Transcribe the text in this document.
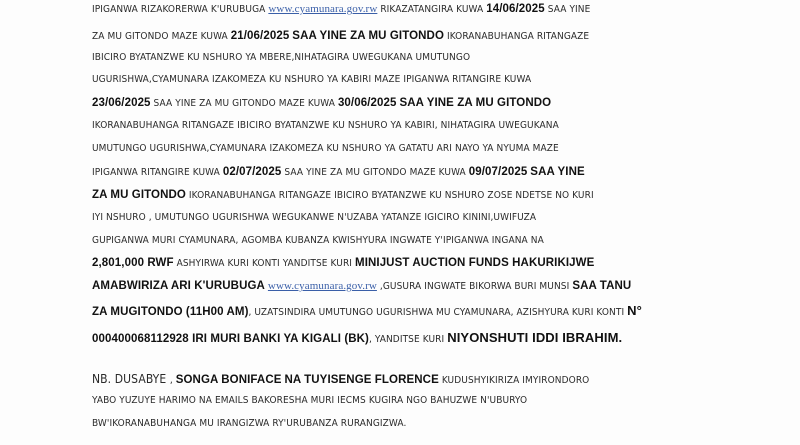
IPIGANWA RIZAKORERWA K'URUBUGA www.cyamunara.gov.rw RIKAZATANGIRA KUWA 14/06/2025 SAA YINE
ZA MU GITONDO MAZE KUWA 21/06/2025 SAA YINE ZA MU GITONDO IKORANABUHANGA RITANGAZE
IBICIRO BYATANZWE KU NSHURO YA MBERE,NIHATAGIRA UWEGUKANA UMUTUNGO
UGURISHWA,CYAMUNARA IZAKOMEZA KU NSHURO YA KABIRI MAZE IPIGANWA RITANGIRE KUWA
23/06/2025 SAA YINE ZA MU GITONDO MAZE KUWA 30/06/2025 SAA YINE ZA MU GITONDO
IKORANABUHANGA RITANGAZE IBICIRO BYATANZWE KU NSHURO YA KABIRI, NIHATAGIRA UWEGUKANA
UMUTUNGO UGURISHWA,CYAMUNARA IZAKOMEZA KU NSHURO YA GATATU ARI NAYO YA NYUMA MAZE
IPIGANWA RITANGIRE KUWA 02/07/2025 SAA YINE ZA MU GITONDO MAZE KUWA 09/07/2025 SAA YINE
ZA MU GITONDO IKORANABUHANGA RITANGAZE IBICIRO BYATANZWE KU NSHURO ZOSE NDETSE NO KURI
IYI NSHURO , UMUTUNGO UGURISHWA WEGUKANWE N'UZABA YATANZE IGICIRO KININI,UWIFUZA
GUPIGANWA MURI CYAMUNARA, AGOMBA KUBANZA KWISHYURA INGWATE Y'IPIGANWA INGANA NA
2,801,000 RWF ASHYIRWA KURI KONTI YANDITSE KURI MINIJUST AUCTION FUNDS HAKURIKIJWE
AMABWIRIZA ARI K'URUBUGA www.cyamunara.gov.rw ,GUSURA INGWATE BIKORWA BURI MUNSI SAA TANU
ZA MUGITONDO (11H00 AM), UZATSINDIRA UMUTUNGO UGURISHWA MU CYAMUNARA, AZISHYURA KURI KONTI N°
000400068112928 IRI MURI BANKI YA KIGALI (BK), YANDITSE KURI NIYONSHUTI IDDI IBRAHIM.
NB. DUSABYE , SONGA BONIFACE NA TUYISENGE FLORENCE KUDUSHYIKIRIZA IMYIRONDORO
YABO YUZUYE HARIMO NA EMAILS BAKORESHA MURI IECMS KUGIRA NGO BAHUZWE N'UBURYO
BW'IKORANABUHANGA MU IRANGIZWA RY'URUBANZA RURANGIZWA.
